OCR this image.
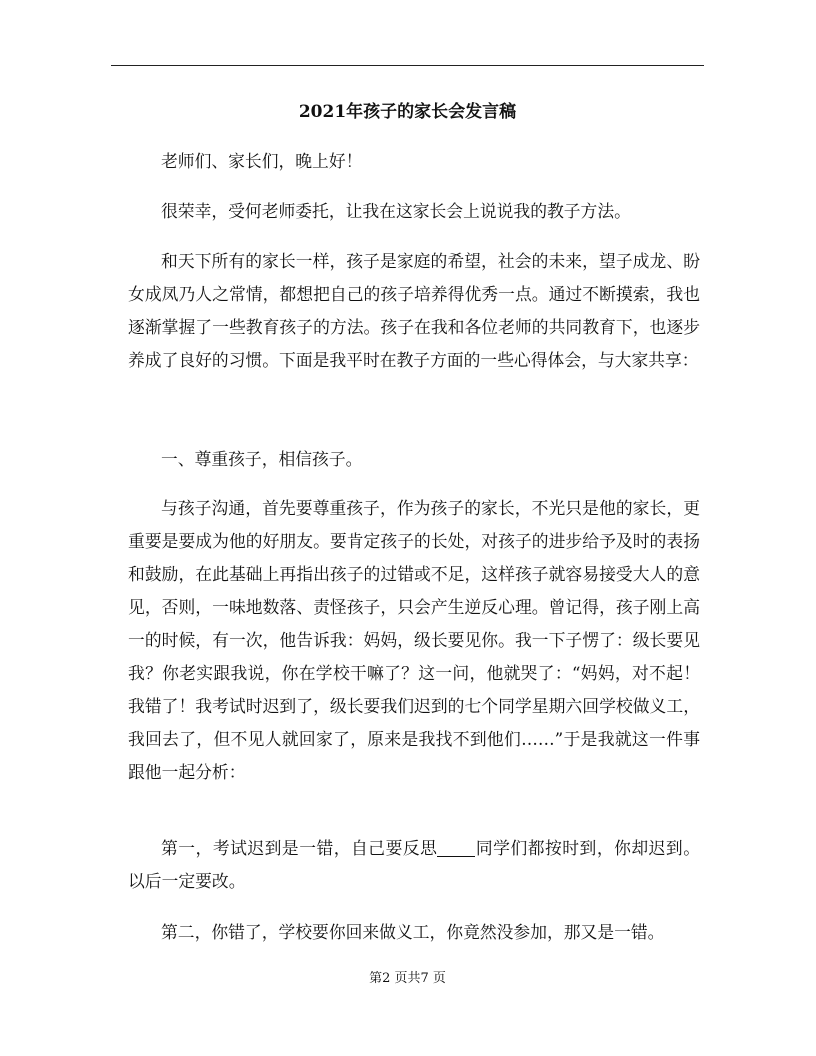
2021年孩子的家长会发言稿

老师们、家长们，晚上好！

很荣幸，受何老师委托，让我在这家长会上说说我的教子方法。

和天下所有的家长一样，孩子是家庭的希望，社会的未来，望子成龙、盼女成凤乃人之常情，都想把自己的孩子培养得优秀一点。通过不断摸索，我也逐渐掌握了一些教育孩子的方法。孩子在我和各位老师的共同教育下，也逐步养成了良好的习惯。下面是我平时在教子方面的一些心得体会，与大家共享：

一、尊重孩子，相信孩子。

与孩子沟通，首先要尊重孩子，作为孩子的家长，不光只是他的家长，更重要是要成为他的好朋友。要肯定孩子的长处，对孩子的进步给予及时的表扬和鼓励，在此基础上再指出孩子的过错或不足，这样孩子就容易接受大人的意见，否则，一味地数落、责怪孩子，只会产生逆反心理。曾记得，孩子刚上高一的时候，有一次，他告诉我：妈妈，级长要见你。我一下子愣了：级长要见我？你老实跟我说，你在学校干嘛了？这一问，他就哭了：“妈妈，对不起！我错了！我考试时迟到了，级长要我们迟到的七个同学星期六回学校做义工，我回去了，但不见人就回家了，原来是我找不到他们……”于是我就这一件事跟他一起分析：

第一，考试迟到是一错，自己要反思 同学们都按时到，你却迟到。以后一定要改。

第二，你错了，学校要你回来做义工，你竟然没参加，那又是一错。

第2 页共7 页
